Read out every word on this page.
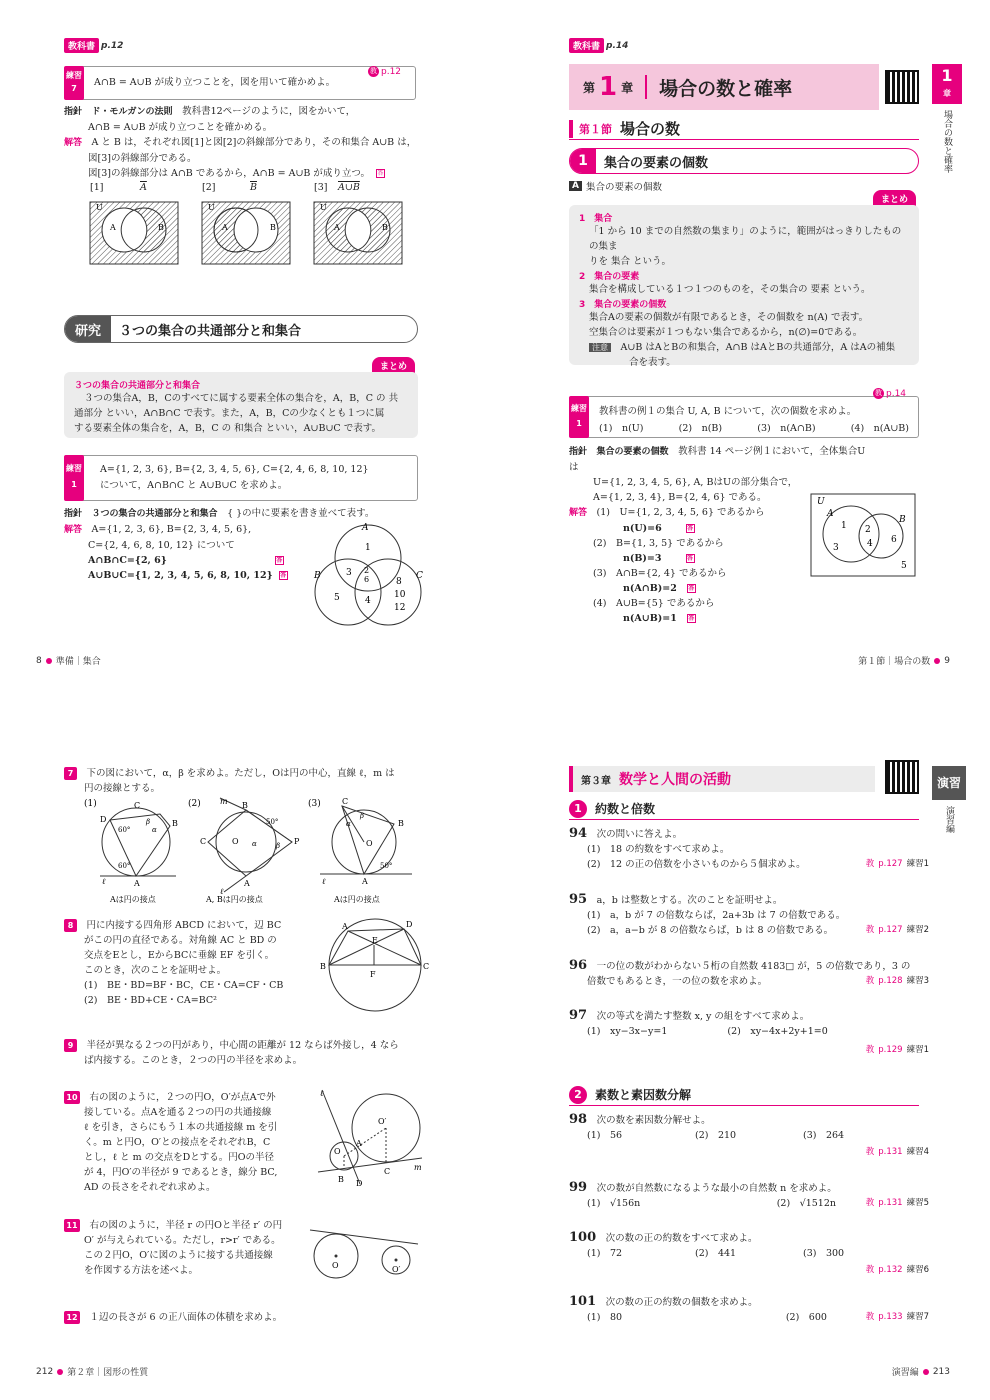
教科書 p.12
練習
7
A∩B = A∪B が成り立つことを，図を用いて確かめよ。
教 p.12
指針　 ド・モルガンの法則　 教科書12ページのように，図をかいて，
A∩B = A∪B が成り立つことを確かめる。
解答　 A と B は，それぞれ図[1]と図[2]の斜線部分であり，その和集合 A∪B は，
図[3]の斜線部分である。
図[3]の斜線部分は A∩B であるから，A∩B = A∪B が成り立つ。 答
[1]	$\overline{A}$	[2]	$\overline{B}$	[3] A∪B
U
A	B
U
A	B
U
A	B
研究	３つの集合の共通部分と和集合
まとめ
３つの集合の共通部分と和集合
３つの集合A，B，Cのすべてに属する要素全体の集合を，A，B，C の 共
通部分 といい，A∩B∩C で表す。また，A，B，Cの少なくとも１つに属
する要素全体の集合を，A，B，C の 和集合 といい，A∪B∪C で表す。
練習
1
A={1, 2, 3, 6}, B={2, 3, 4, 5, 6}, C={2, 4, 6, 8, 10, 12}
について，A∩B∩C と A∪B∪C を求めよ。
指針　 ３つの集合の共通部分と和集合　 { }の中に要素を書き並べて表す。
解答　 A={1, 2, 3, 6}, B={2, 3, 4, 5, 6},
C={2, 4, 6, 8, 10, 12} について
A∩B∩C={2, 6}	答
A∪B∪C={1, 2, 3, 4, 5, 6, 8, 10, 12} 答
A
B	C
1
3 2
6
5	4
8
10
12
8 準備｜集合
教科書 p.14
第 1 章 場合の数と確率
1
章
場合の数と確率
第１節 場合の数
1	集合の要素の個数
A 集合の要素の個数
まとめ
1　集合
「1 から 10 までの自然数の集まり」のように，範囲がはっきりしたものの集ま
りを 集合 という。
2　集合の要素
集合を構成している１つ１つのものを，その集合の 要素 という。
3　集合の要素の個数
集合Aの要素の個数が有限であるとき，その個数を n(A) で表す。
空集合∅は要素が１つもない集合であるから，n(∅)=0である。
注意　 A∪B はAとBの和集合，A∩B はAとBの共通部分，A はAの補集
合を表す。
練習
1
教 p.14
教科書の例１の集合 U, A, B について，次の個数を求めよ。
(1)　n(U)	(2)　n(B)	(3)　n(A∩B)	(4)　n(A∪B)
指針　 集合の要素の個数　 教科書 14 ページ例１において，全体集合Uは
U={1, 2, 3, 4, 5, 6}, A, BはUの部分集合で，
A={1, 2, 3, 4}, B={2, 4, 6} である。
解答　 (1)　U={1, 2, 3, 4, 5, 6} であるから
n(U)=6	答
(2)　B={1, 3, 5} であるから
n(B)=3	答
(3)　A∩B={2, 4} であるから
n(A∩B)=2 答
(4)　A∪B={5} であるから
n(A∪B)=1 答
U
A
B
1 2
3	4 6
5
第１節｜場合の数 9
7　 下の図において，α，β を求めよ。ただし，Oは円の中心，直線 ℓ，m は
円の接線とする。
(1)	C
D	B
A
60°
60°
β
α
ℓ
Aは円の接点
(2) m B
C	O α	β
50°
P
A
ℓ
A, Bは円の接点
(3)	C
B
O
A
α
β
50°
ℓ
Aは円の接点
8　 円に内接する四角形 ABCD において，辺 BC
がこの円の直径である。対角線 AC と BD の
交点をEとし，EからBCに垂線 EF を引く。
このとき，次のことを証明せよ。
(1)　BE・BD=BF・BC，CE・CA=CF・CB
(2)　BE・BD+CE・CA=BC²
A	D
E
B
F
C
9　 半径が異なる２つの円があり，中心間の距離が 12 ならば外接し，4 なら
ば内接する。このとき，２つの円の半径を求めよ。
10　 右の図のように，２つの円O，O′が点Aで外
接している。点Aを通る２つの円の共通接線
ℓ を引き，さらにもう１本の共通接線 m を引
く。m と円O，O′との接点をそれぞれB，C
とし，ℓ と m の交点をDとする。円Oの半径
が 4，円O′の半径が 9 であるとき，線分 BC,
AD の長さをそれぞれ求めよ。
ℓ
O′
A
O
B D
C	m
11　 右の図のように，半径 r の円Oと半径 r′ の円
O′ が与えられている。ただし，r>r′ である。
この２円O，O′に図のように接する共通接線
を作図する方法を述べよ。	O	O′
12　 １辺の長さが 6 の正八面体の体積を求めよ。
212 第２章｜図形の性質
第３章 数学と人間の活動	演習
演習編
1	約数と倍数
94　 次の問いに答えよ。
(1)　18 の約数をすべて求めよ。
(2)　12 の正の倍数を小さいものから５個求めよ。	教 p.127 練習1
95　 a，b は整数とする。次のことを証明せよ。
(1)　a，b が 7 の倍数ならば，2a+3b は 7 の倍数である。
(2)　a，a−b が 8 の倍数ならば，b は 8 の倍数である。	教 p.127 練習2
96　 一の位の数がわからない５桁の自然数 4183□ が，5 の倍数であり，3 の
倍数でもあるとき，一の位の数を求めよ。	教 p.128 練習3
97　 次の等式を満たす整数 x, y の組をすべて求めよ。
(1)　xy−3x−y=1	(2)　xy−4x+2y+1=0
教 p.129 練習1
2	素数と素因数分解
98　 次の数を素因数分解せよ。
(1)　56	(2)　210	(3)　264
教 p.131 練習4
99　 次の数が自然数になるような最小の自然数 n を求めよ。
(1)　√156n	(2)　√1512n	教 p.131 練習5
100　 次の数の正の約数をすべて求めよ。
(1)　72	(2)　441	(3)　300
教 p.132 練習6
101　 次の数の正の約数の個数を求めよ。
(1)　80	(2)　600	教 p.133 練習7
演習編 213
